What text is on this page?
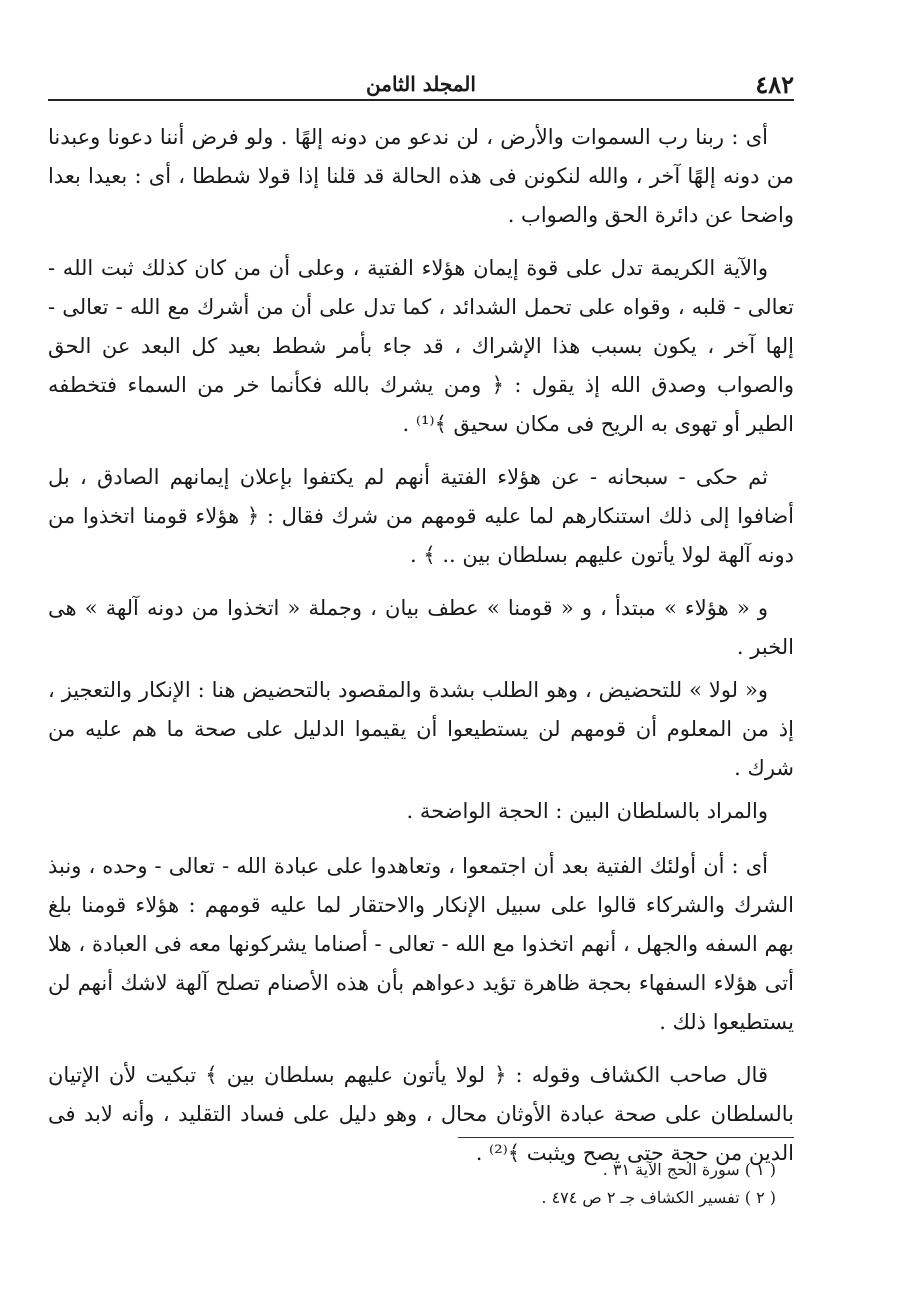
٤٨٢
المجلد الثامن

أى : ربنا رب السموات والأرض ، لن ندعو من دونه إلهًا . ولو فرض أننا دعونا وعبدنا من دونه إلهًا آخر ، والله لنكونن فى هذه الحالة قد قلنا إذا قولا شططا ، أى : بعيدا بعدا واضحا عن دائرة الحق والصواب .

والآية الكريمة تدل على قوة إيمان هؤلاء الفتية ، وعلى أن من كان كذلك ثبت الله - تعالى - قلبه ، وقواه على تحمل الشدائد ، كما تدل على أن من أشرك مع الله - تعالى - إلها آخر ، يكون بسبب هذا الإشراك ، قد جاء بأمر شطط بعيد كل البعد عن الحق والصواب وصدق الله إذ يقول : ﴿ ومن يشرك بالله فكأنما خر من السماء فتخطفه الطير أو تهوى به الريح فى مكان سحيق ﴾⁽¹⁾ .

ثم حكى - سبحانه - عن هؤلاء الفتية أنهم لم يكتفوا بإعلان إيمانهم الصادق ، بل أضافوا إلى ذلك استنكارهم لما عليه قومهم من شرك فقال : ﴿ هؤلاء قومنا اتخذوا من دونه آلهة لولا يأتون عليهم بسلطان بين .. ﴾ .

و « هؤلاء » مبتدأ ، و « قومنا » عطف بيان ، وجملة « اتخذوا من دونه آلهة » هى الخبر .

و« لولا » للتحضيض ، وهو الطلب بشدة والمقصود بالتحضيض هنا : الإنكار والتعجيز ، إذ من المعلوم أن قومهم لن يستطيعوا أن يقيموا الدليل على صحة ما هم عليه من شرك .

والمراد بالسلطان البين : الحجة الواضحة .

أى : أن أولئك الفتية بعد أن اجتمعوا ، وتعاهدوا على عبادة الله - تعالى - وحده ، ونبذ الشرك والشركاء قالوا على سبيل الإنكار والاحتقار لما عليه قومهم : هؤلاء قومنا بلغ بهم السفه والجهل ، أنهم اتخذوا مع الله - تعالى - أصناما يشركونها معه فى العبادة ، هلا أتى هؤلاء السفهاء بحجة ظاهرة تؤيد دعواهم بأن هذه الأصنام تصلح آلهة لاشك أنهم لن يستطيعوا ذلك .

قال صاحب الكشاف وقوله : ﴿ لولا يأتون عليهم بسلطان بين ﴾ تبكيت لأن الإتيان بالسلطان على صحة عبادة الأوثان محال ، وهو دليل على فساد التقليد ، وأنه لابد فى الدين من حجة حتى يصح ويثبت ﴾⁽²⁾ .

( ١ ) سورة الحج الآية ٣١ .

( ٢ ) تفسير الكشاف جـ ٢ ص ٤٧٤ .
